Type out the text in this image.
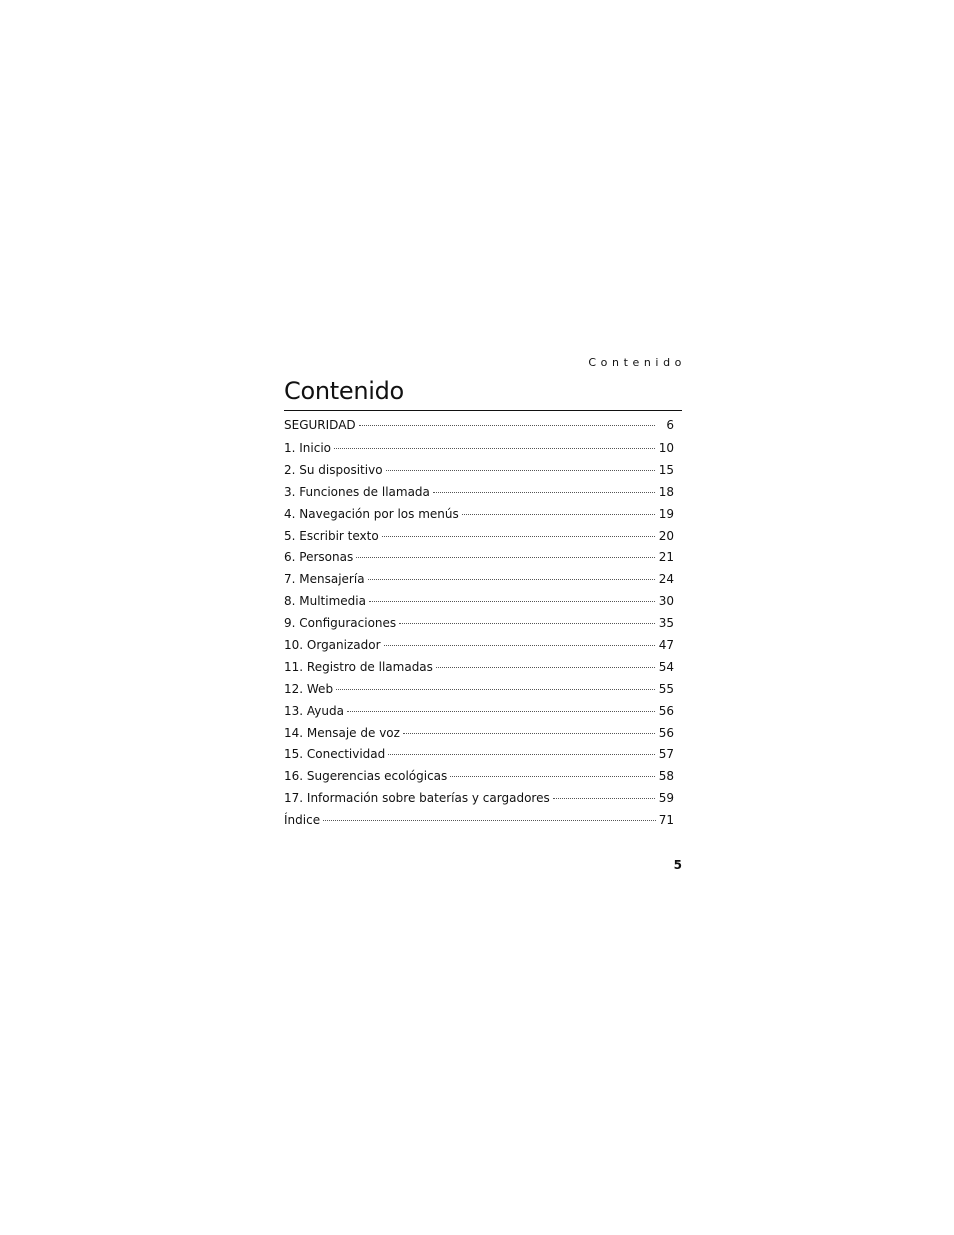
Contenido
Contenido
SEGURIDAD	6
1. Inicio	10
2. Su dispositivo	15
3. Funciones de llamada	18
4. Navegación por los menús	19
5. Escribir texto	20
6. Personas	21
7. Mensajería	24
8. Multimedia	30
9. Configuraciones	35
10. Organizador	47
11. Registro de llamadas	54
12. Web	55
13. Ayuda	56
14. Mensaje de voz	56
15. Conectividad	57
16. Sugerencias ecológicas	58
17. Información sobre baterías y cargadores	59
Índice	71
5
